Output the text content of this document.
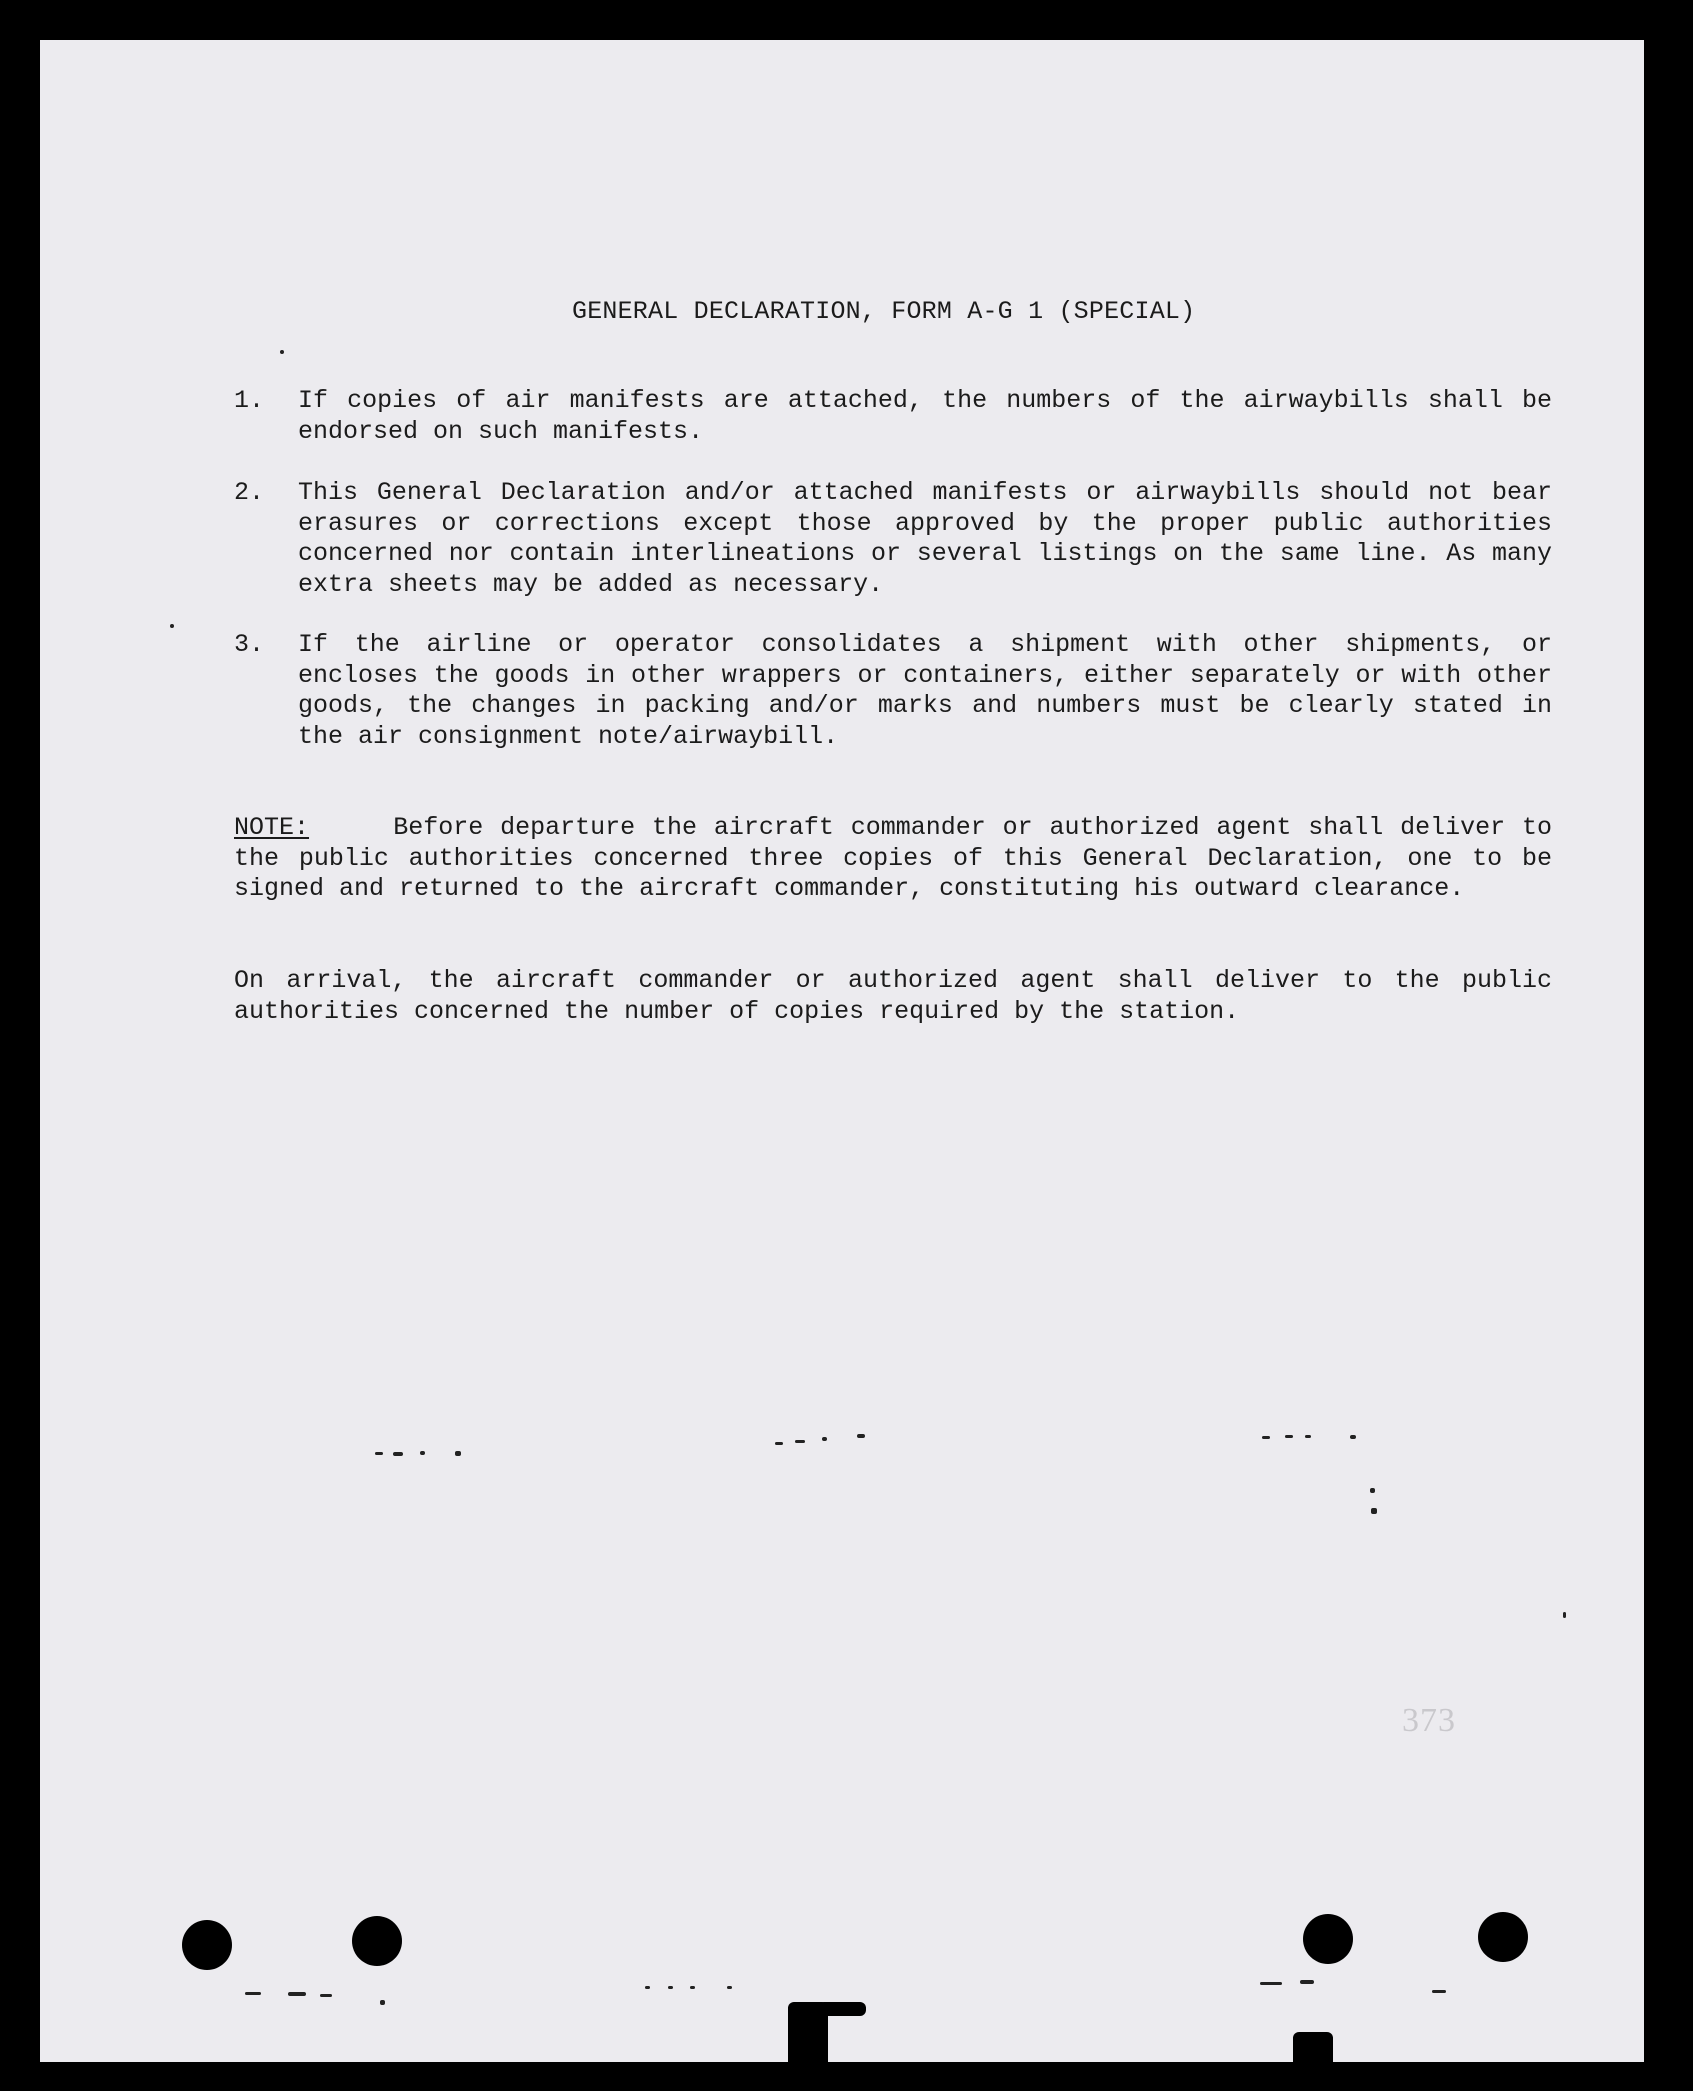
GENERAL DECLARATION, FORM A-G 1 (SPECIAL)
1.	If copies of air manifests are attached, the numbers of the airwaybills shall be endorsed on such manifests.
2.	This General Declaration and/or attached manifests or airwaybills should not bear erasures or corrections except those approved by the proper public authorities concerned nor contain interlineations or several listings on the same line. As many extra sheets may be added as necessary.
3.	If the airline or operator consolidates a shipment with other shipments, or encloses the goods in other wrappers or containers, either separately or with other goods, the changes in packing and/or marks and numbers must be clearly stated in the air consignment note/airwaybill.
NOTE:	Before departure the aircraft commander or authorized agent shall deliver to the public authorities concerned three copies of this General Declaration, one to be signed and returned to the aircraft commander, constituting his outward clearance.
On arrival, the aircraft commander or authorized agent shall deliver to the public authorities concerned the number of copies required by the station.
373
